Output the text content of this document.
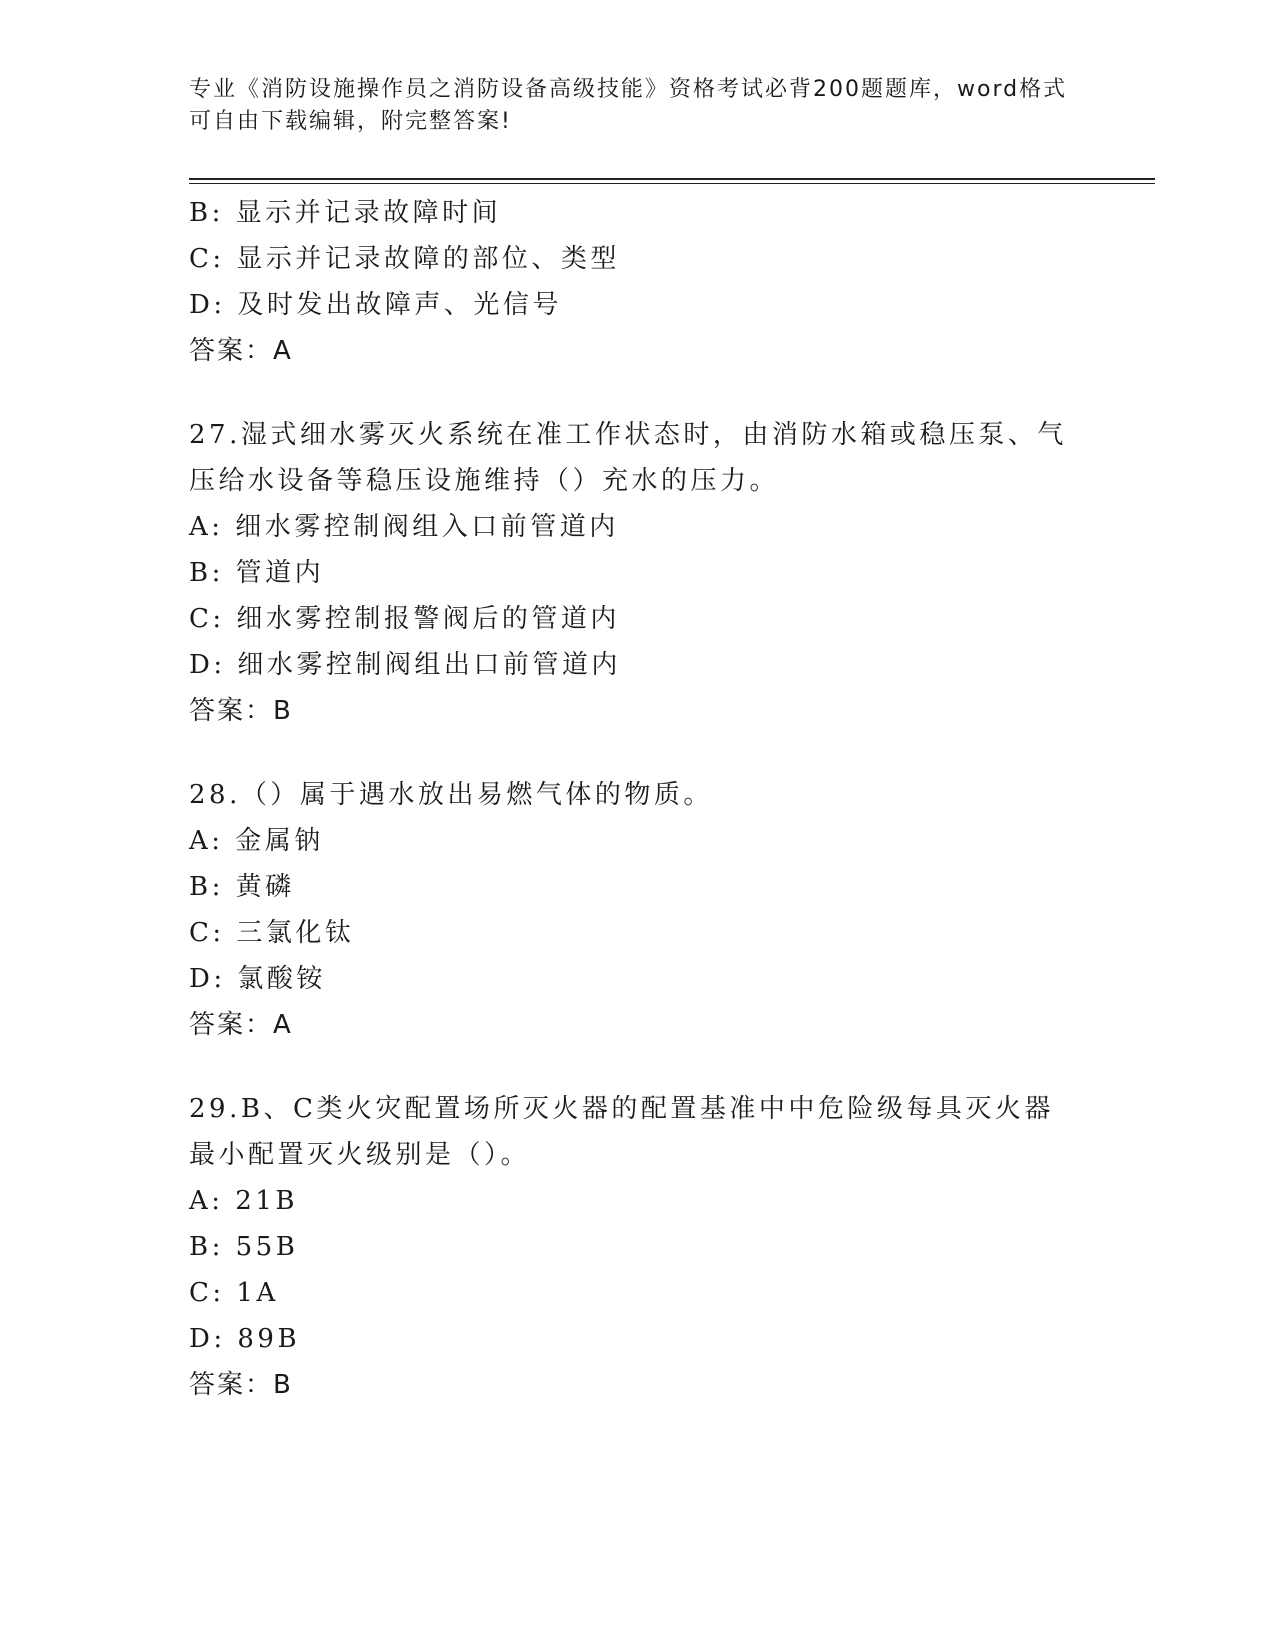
专业《消防设施操作员之消防设备高级技能》资格考试必背200题题库，word格式可自由下载编辑，附完整答案!
B: 显示并记录故障时间
C: 显示并记录故障的部位、类型
D: 及时发出故障声、光信号
答案：A
27.湿式细水雾灭火系统在准工作状态时，由消防水箱或稳压泵、气压给水设备等稳压设施维持（）充水的压力。
A: 细水雾控制阀组入口前管道内
B: 管道内
C: 细水雾控制报警阀后的管道内
D: 细水雾控制阀组出口前管道内
答案：B
28.（）属于遇水放出易燃气体的物质。
A: 金属钠
B: 黄磷
C: 三氯化钛
D: 氯酸铵
答案：A
29.B、C类火灾配置场所灭火器的配置基准中中危险级每具灭火器最小配置灭火级别是（）。
A: 21B
B: 55B
C: 1A
D: 89B
答案：B
